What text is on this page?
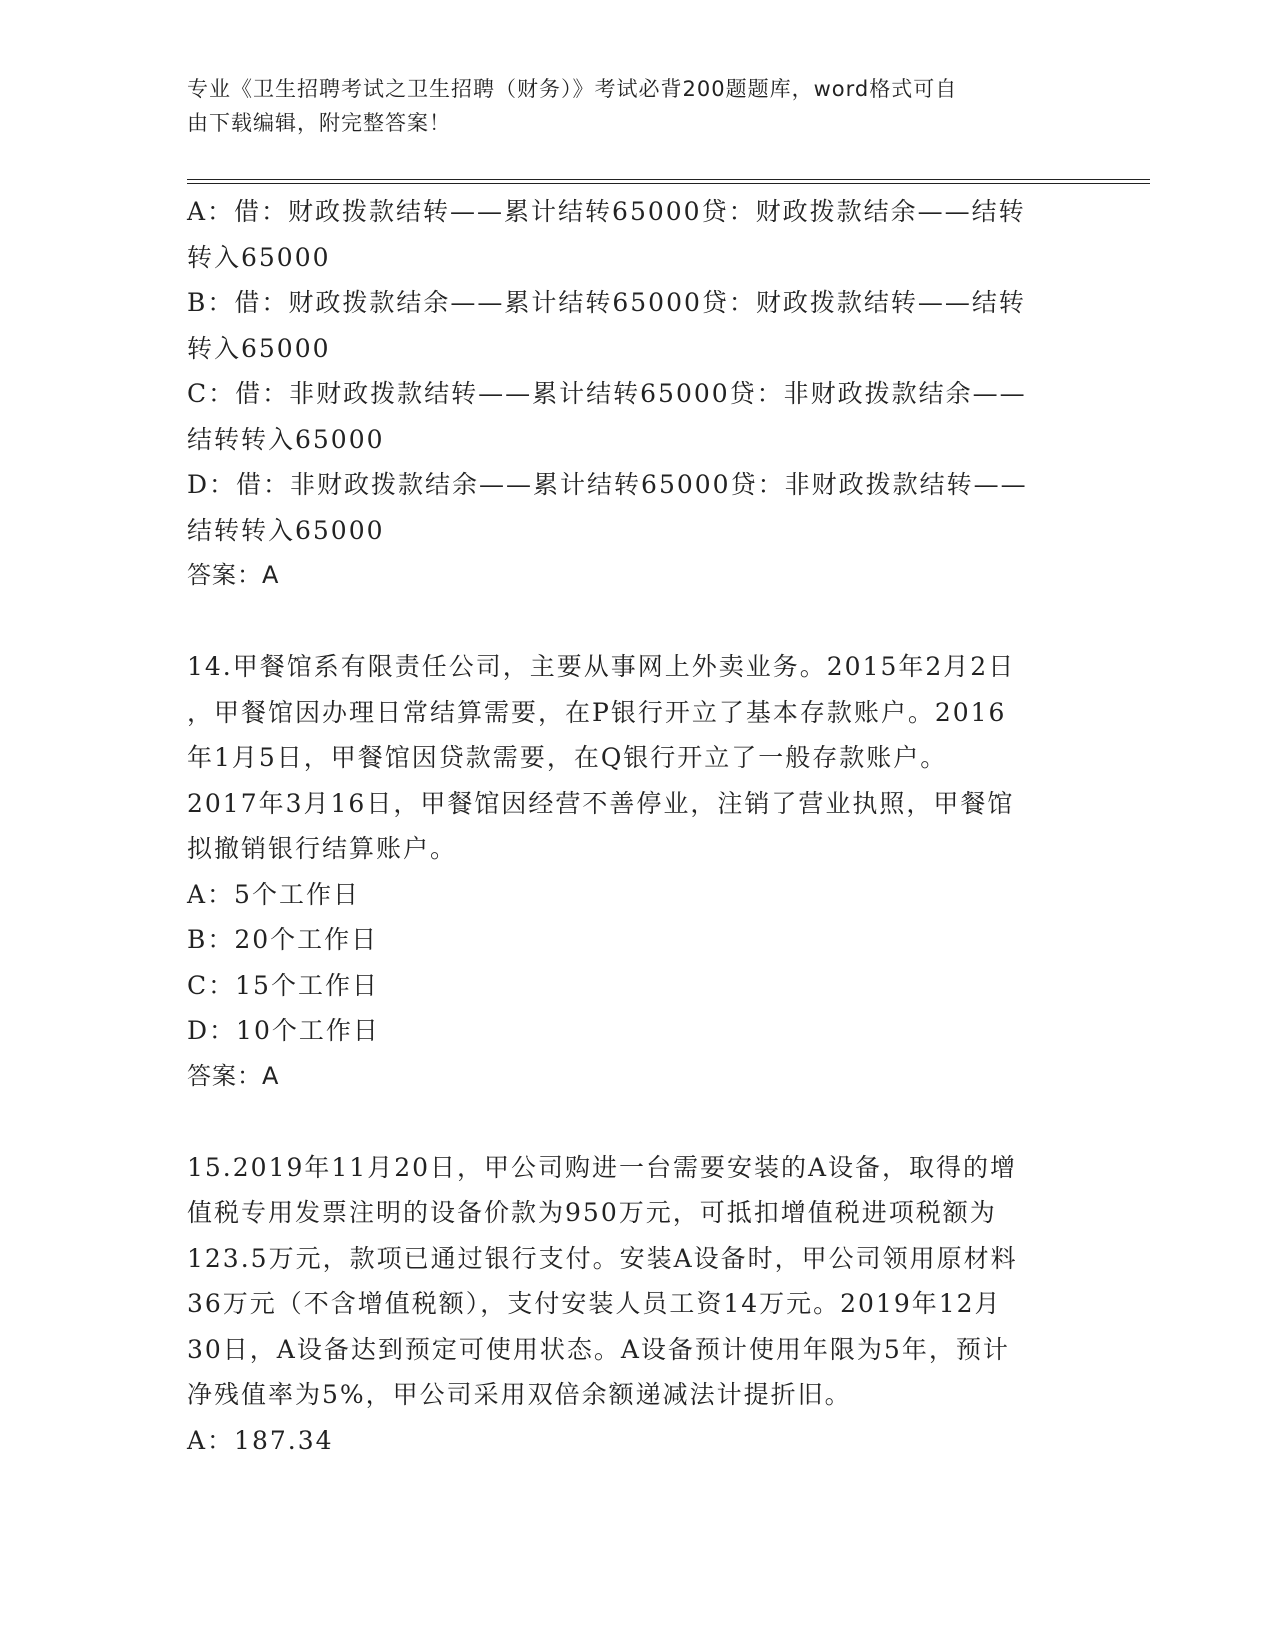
专业《卫生招聘考试之卫生招聘（财务）》考试必背200题题库，word格式可自
由下载编辑，附完整答案！
A：借：财政拨款结转——累计结转65000贷：财政拨款结余——结转
转入65000
B：借：财政拨款结余——累计结转65000贷：财政拨款结转——结转
转入65000
C：借：非财政拨款结转——累计结转65000贷：非财政拨款结余——
结转转入65000
D：借：非财政拨款结余——累计结转65000贷：非财政拨款结转——
结转转入65000
答案：A
14.甲餐馆系有限责任公司，主要从事网上外卖业务。2015年2月2日
，甲餐馆因办理日常结算需要，在P银行开立了基本存款账户。2016
年1月5日，甲餐馆因贷款需要，在Q银行开立了一般存款账户。
2017年3月16日，甲餐馆因经营不善停业，注销了营业执照，甲餐馆
拟撤销银行结算账户。
A：5个工作日
B：20个工作日
C：15个工作日
D：10个工作日
答案：A
15.2019年11月20日，甲公司购进一台需要安装的A设备，取得的增
值税专用发票注明的设备价款为950万元，可抵扣增值税进项税额为
123.5万元，款项已通过银行支付。安装A设备时，甲公司领用原材料
36万元（不含增值税额），支付安装人员工资14万元。2019年12月
30日，A设备达到预定可使用状态。A设备预计使用年限为5年，预计
净残值率为5%，甲公司采用双倍余额递减法计提折旧。
A：187.34
